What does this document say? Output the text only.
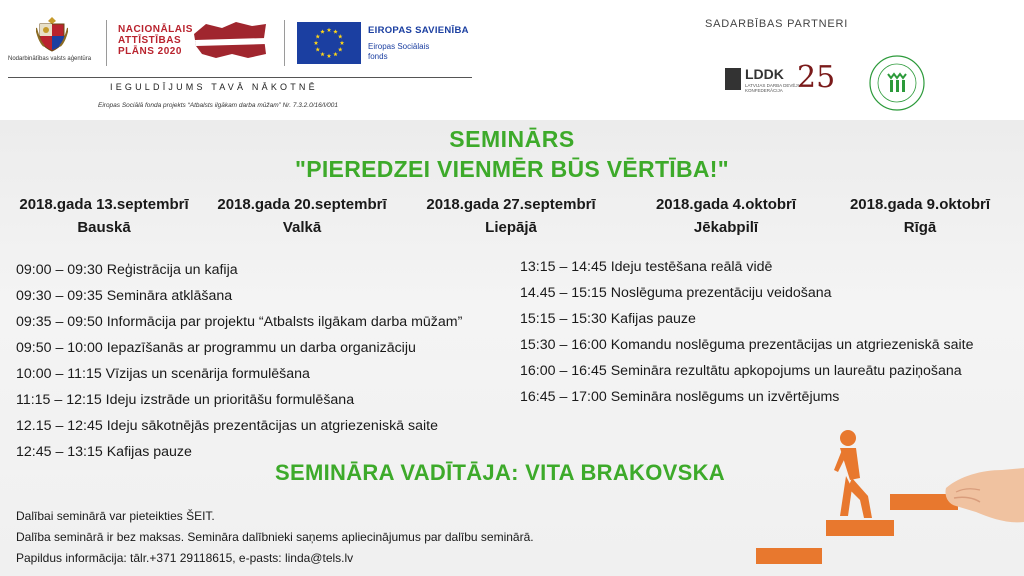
Nodarbinātības valsts aģentūra
NACIONĀLAIS
ATTĪSTĪBAS
PLĀNS 2020
EIROPAS SAVIENĪBA
Eiropas Sociālais
fonds
IEGULDĪJUMS TAVĀ NĀKOTNĒ
Eiropas Sociālā fonda projekts “Atbalsts ilgākam darba mūžam” Nr. 7.3.2.0/16/I/001
SADARBĪBAS PARTNERI
LDDK
LATVIJAS DARBA DEVĒJU
KONFEDERĀCIJA 25
SEMINĀRS
"PIEREDZEI VIENMĒR BŪS VĒRTĪBA!"
2018.gada 13.septembrī
Bauskā
2018.gada 20.septembrī
Valkā
2018.gada 27.septembrī
Liepājā
2018.gada 4.oktobrī
Jēkabpilī
2018.gada 9.oktobrī
Rīgā
09:00 – 09:30 Reģistrācija un kafija
09:30 – 09:35 Semināra atklāšana
09:35 – 09:50 Informācija par projektu “Atbalsts ilgākam darba mūžam”
09:50 – 10:00 Iepazīšanās ar programmu un darba organizāciju
10:00 – 11:15 Vīzijas un scenārija formulēšana
11:15 – 12:15 Ideju izstrāde un prioritāšu formulēšana
12.15 – 12:45 Ideju sākotnējās prezentācijas un atgriezeniskā saite
12:45 – 13:15 Kafijas pauze
13:15 – 14:45 Ideju testēšana reālā vidē
14.45 – 15:15 Noslēguma prezentāciju veidošana
15:15 – 15:30 Kafijas pauze
15:30 – 16:00 Komandu noslēguma prezentācijas un atgriezeniskā saite
16:00 – 16:45 Semināra rezultātu apkopojums un laureātu paziņošana
16:45 – 17:00 Semināra noslēgums un izvērtējums
SEMINĀRA VADĪTĀJA: VITA BRAKOVSKA
Dalībai seminārā var pieteikties ŠEIT.
Dalība seminārā ir bez maksas. Semināra dalībnieki saņems apliecinājumus par dalību seminārā.
Papildus informācija: tālr.+371 29118615, e-pasts: linda@tels.lv
